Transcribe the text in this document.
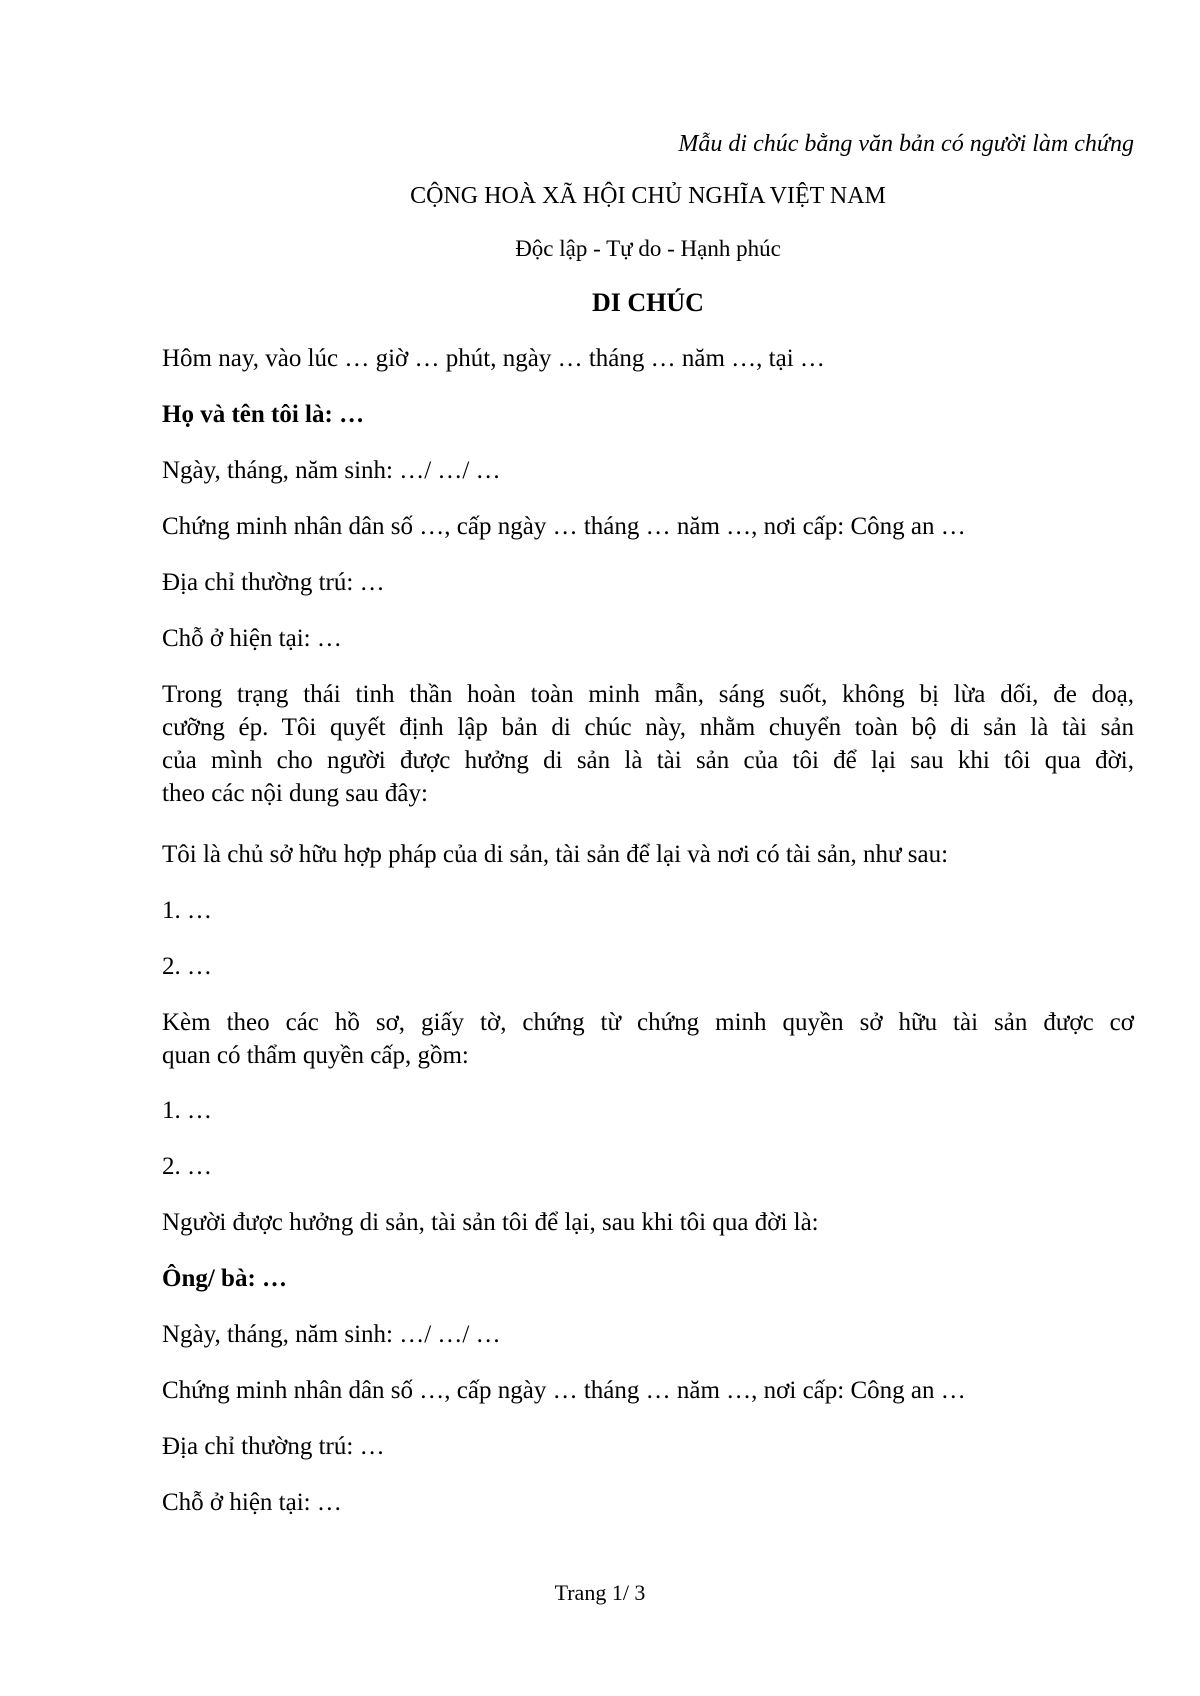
Mẫu di chúc bằng văn bản có người làm chứng
CỘNG HOÀ XÃ HỘI CHỦ NGHĨA VIỆT NAM
Độc lập - Tự do - Hạnh phúc
DI CHÚC
Hôm nay, vào lúc … giờ … phút, ngày … tháng … năm …, tại …
Họ và tên tôi là: …
Ngày, tháng, năm sinh: …/ …/ …
Chứng minh nhân dân số …, cấp ngày … tháng … năm …, nơi cấp: Công an …
Địa chỉ thường trú: …
Chỗ ở hiện tại: …
Trong trạng thái tinh thần hoàn toàn minh mẫn, sáng suốt, không bị lừa dối, đe doạ,
cưỡng ép. Tôi quyết định lập bản di chúc này, nhằm chuyển toàn bộ di sản là tài sản
của mình cho người được hưởng di sản là tài sản của tôi để lại sau khi tôi qua đời,
theo các nội dung sau đây:
Tôi là chủ sở hữu hợp pháp của di sản, tài sản để lại và nơi có tài sản, như sau:
1. …
2. …
Kèm theo các hồ sơ, giấy tờ, chứng từ chứng minh quyền sở hữu tài sản được cơ
quan có thẩm quyền cấp, gồm:
1. …
2. …
Người được hưởng di sản, tài sản tôi để lại, sau khi tôi qua đời là:
Ông/ bà: …
Ngày, tháng, năm sinh: …/ …/ …
Chứng minh nhân dân số …, cấp ngày … tháng … năm …, nơi cấp: Công an …
Địa chỉ thường trú: …
Chỗ ở hiện tại: …
Trang 1/ 3
